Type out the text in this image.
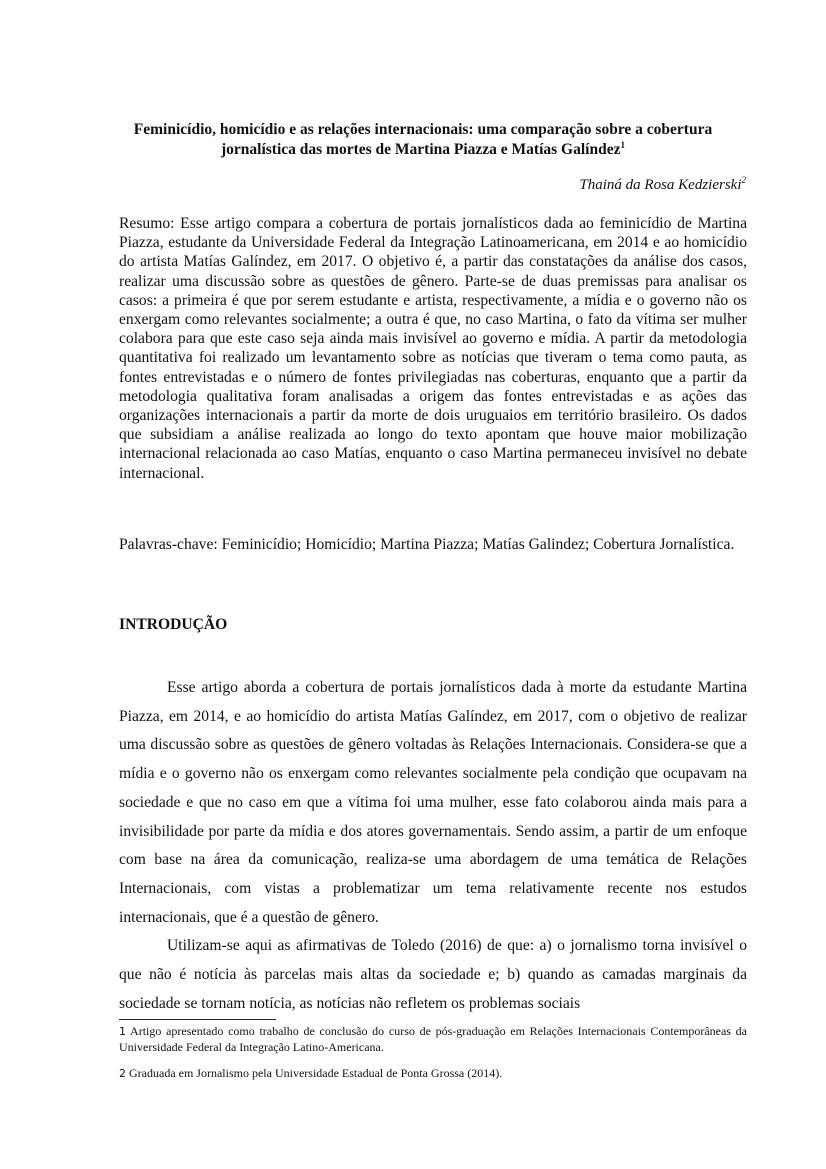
Feminicídio, homicídio e as relações internacionais: uma comparação sobre a cobertura jornalística das mortes de Martina Piazza e Matías Galíndez$^1$
Thainá da Rosa Kedzierski$^2$

Resumo: Esse artigo compara a cobertura de portais jornalísticos dada ao feminicídio de Martina Piazza, estudante da Universidade Federal da Integração Latinoamericana, em 2014 e ao homicídio do artista Matías Galíndez, em 2017. O objetivo é, a partir das constatações da análise dos casos, realizar uma discussão sobre as questões de gênero. Parte-se de duas premissas para analisar os casos: a primeira é que por serem estudante e artista, respectivamente, a mídia e o governo não os enxergam como relevantes socialmente; a outra é que, no caso Martina, o fato da vítima ser mulher colabora para que este caso seja ainda mais invisível ao governo e mídia. A partir da metodologia quantitativa foi realizado um levantamento sobre as notícias que tiveram o tema como pauta, as fontes entrevistadas e o número de fontes privilegiadas nas coberturas, enquanto que a partir da metodologia qualitativa foram analisadas a origem das fontes entrevistadas e as ações das organizações internacionais a partir da morte de dois uruguaios em território brasileiro. Os dados que subsidiam a análise realizada ao longo do texto apontam que houve maior mobilização internacional relacionada ao caso Matías, enquanto o caso Martina permaneceu invisível no debate internacional.

Palavras-chave: Feminicídio; Homicídio; Martina Piazza; Matías Galindez; Cobertura Jornalística.

INTRODUÇÃO

Esse artigo aborda a cobertura de portais jornalísticos dada à morte da estudante Martina Piazza, em 2014, e ao homicídio do artista Matías Galíndez, em 2017, com o objetivo de realizar uma discussão sobre as questões de gênero voltadas às Relações Internacionais. Considera-se que a mídia e o governo não os enxergam como relevantes socialmente pela condição que ocupavam na sociedade e que no caso em que a vítima foi uma mulher, esse fato colaborou ainda mais para a invisibilidade por parte da mídia e dos atores governamentais. Sendo assim, a partir de um enfoque com base na área da comunicação, realiza-se uma abordagem de uma temática de Relações Internacionais, com vistas a problematizar um tema relativamente recente nos estudos internacionais, que é a questão de gênero.

Utilizam-se aqui as afirmativas de Toledo (2016) de que: a) o jornalismo torna invisível o que não é notícia às parcelas mais altas da sociedade e; b) quando as camadas marginais da sociedade se tornam notícia, as notícias não refletem os problemas sociais

1 Artigo apresentado como trabalho de conclusão do curso de pós-graduação em Relações Internacionais Contemporâneas da Universidade Federal da Integração Latino-Americana.

2 Graduada em Jornalismo pela Universidade Estadual de Ponta Grossa (2014).
